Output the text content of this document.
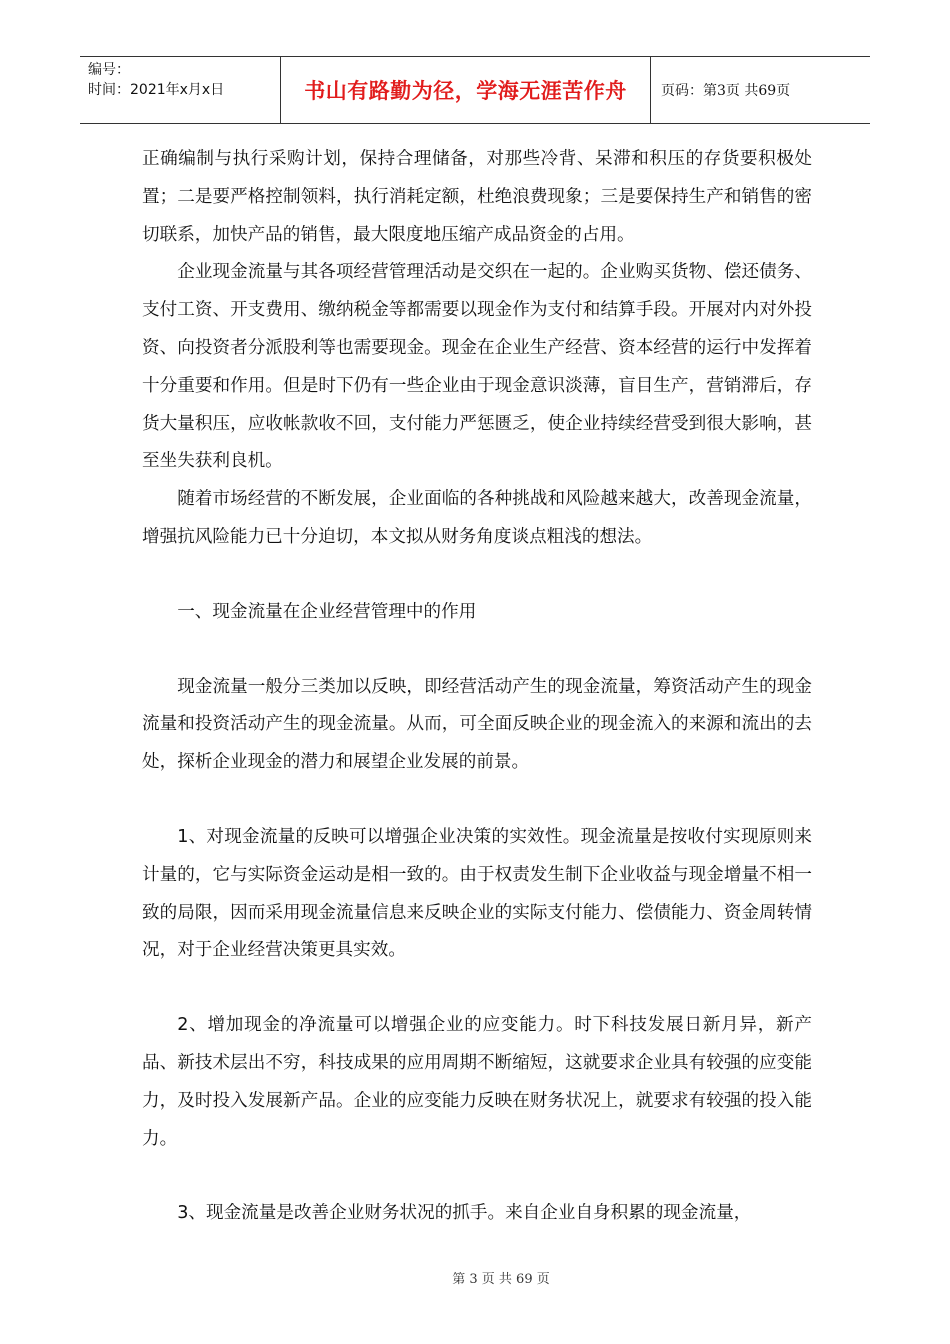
编号：
时间：2021年x月x日	书山有路勤为径，学海无涯苦作舟	页码：第3页 共69页

正确编制与执行采购计划，保持合理储备，对那些冷背、呆滞和积压的存货要积极处置；二是要严格控制领料，执行消耗定额，杜绝浪费现象；三是要保持生产和销售的密切联系，加快产品的销售，最大限度地压缩产成品资金的占用。

企业现金流量与其各项经营管理活动是交织在一起的。企业购买货物、偿还债务、支付工资、开支费用、缴纳税金等都需要以现金作为支付和结算手段。开展对内对外投资、向投资者分派股利等也需要现金。现金在企业生产经营、资本经营的运行中发挥着十分重要和作用。但是时下仍有一些企业由于现金意识淡薄，盲目生产，营销滞后，存货大量积压，应收帐款收不回，支付能力严惩匮乏，使企业持续经营受到很大影响，甚至坐失获利良机。

随着市场经营的不断发展，企业面临的各种挑战和风险越来越大，改善现金流量，增强抗风险能力已十分迫切，本文拟从财务角度谈点粗浅的想法。

一、现金流量在企业经营管理中的作用

现金流量一般分三类加以反映，即经营活动产生的现金流量，筹资活动产生的现金流量和投资活动产生的现金流量。从而，可全面反映企业的现金流入的来源和流出的去处，探析企业现金的潜力和展望企业发展的前景。

1、对现金流量的反映可以增强企业决策的实效性。现金流量是按收付实现原则来计量的，它与实际资金运动是相一致的。由于权责发生制下企业收益与现金增量不相一致的局限，因而采用现金流量信息来反映企业的实际支付能力、偿债能力、资金周转情况，对于企业经营决策更具实效。

2、增加现金的净流量可以增强企业的应变能力。时下科技发展日新月异，新产品、新技术层出不穷，科技成果的应用周期不断缩短，这就要求企业具有较强的应变能力，及时投入发展新产品。企业的应变能力反映在财务状况上，就要求有较强的投入能力。

3、现金流量是改善企业财务状况的抓手。来自企业自身积累的现金流量，

第 3 页 共 69 页
